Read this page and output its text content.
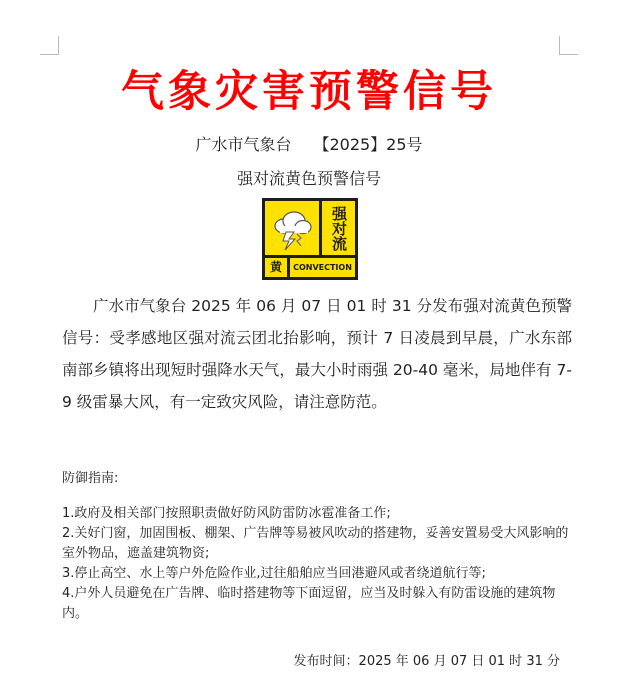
气象灾害预警信号
广水市气象台 【2025】25号
强对流黄色预警信号
强对流
黄	CONVECTION
广水市气象台 2025 年 06 月 07 日 01 时 31 分发布强对流黄色预警信号：受孝感地区强对流云团北抬影响，预计 7 日凌晨到早晨，广水东部南部乡镇将出现短时强降水天气，最大小时雨强 20-40 毫米，局地伴有 7-9 级雷暴大风，有一定致灾风险，请注意防范。
防御指南:
1.政府及相关部门按照职责做好防风防雷防冰雹准备工作;
2.关好门窗，加固围板、棚架、广告牌等易被风吹动的搭建物，妥善安置易受大风影响的室外物品，遮盖建筑物资;
3.停止高空、水上等户外危险作业,过往船舶应当回港避风或者绕道航行等;
4.户外人员避免在广告牌、临时搭建物等下面逗留，应当及时躲入有防雷设施的建筑物内。
发布时间：2025 年 06 月 07 日 01 时 31 分
